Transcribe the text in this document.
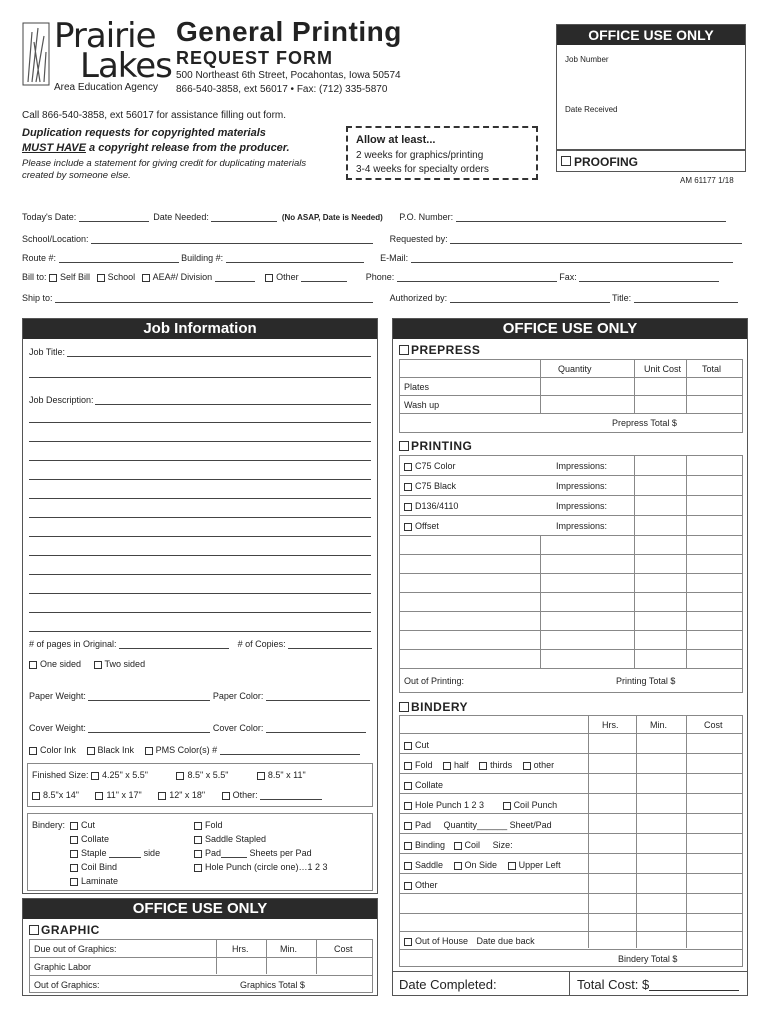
Prairie
Lakes
Area Education Agency
General Printing
REQUEST FORM
500 Northeast 6th Street, Pocahontas, Iowa 50574
866-540-3858, ext 56017 • Fax: (712) 335-5870
Call 866-540-3858, ext 56017 for assistance filling out form.
Duplication requests for copyrighted materials
MUST HAVE a copyright release from the producer.
Please include a statement for giving credit for duplicating materials
created by someone else.
Allow at least...
2 weeks for graphics/printing
3-4 weeks for specialty orders
OFFICE USE ONLY
Job Number
Date Received
PROOFING
AM 61177 1/18
Today's Date:	Date Needed:	(No ASAP, Date is Needed) P.O. Number:
School/Location:	Requested by:
Route #:	Building #:	E-Mail:
Bill to: Self Bill School AEA#/ Division	Other	Phone:	Fax:
Ship to:	Authorized by:	Title:
Job Information
Job Title:
Job Description:
# of pages in Original:	# of Copies:
One sided	Two sided
Paper Weight:	Paper Color:
Cover Weight:	Cover Color:
Color Ink Black Ink PMS Color(s) #
Finished Size: 4.25" x 5.5"	8.5" x 5.5"	8.5" x 11"
8.5"x 14"	11" x 17"	12" x 18"	Other:
Bindery:	Cut
Collate
Staple	side
Coil Bind
Laminate
Fold
Saddle Stapled
Pad	Sheets per Pad
Hole Punch (circle one)…1 2 3
OFFICE USE ONLY
GRAPHIC
Due out of Graphics:	Hrs.	Min.	Cost
Graphic Labor
Out of Graphics:	Graphics Total $
OFFICE USE ONLY
PREPRESS
Quantity	Unit Cost Total
Plates
Wash up
Prepress Total $
PRINTING
C75 Color	Impressions:
C75 Black	Impressions:
D136/4110	Impressions:
Offset	Impressions:
Out of Printing:	Printing Total $
BINDERY
Hrs.	Min.	Cost
Cut
Fold half thirds other
Collate
Hole Punch 1 2 3	Coil Punch
Pad Quantity______ Sheet/Pad
Binding Coil Size:
Saddle On Side Upper Left
Other
Out of House Date due back
Bindery Total $
Date Completed:	Total Cost: $
